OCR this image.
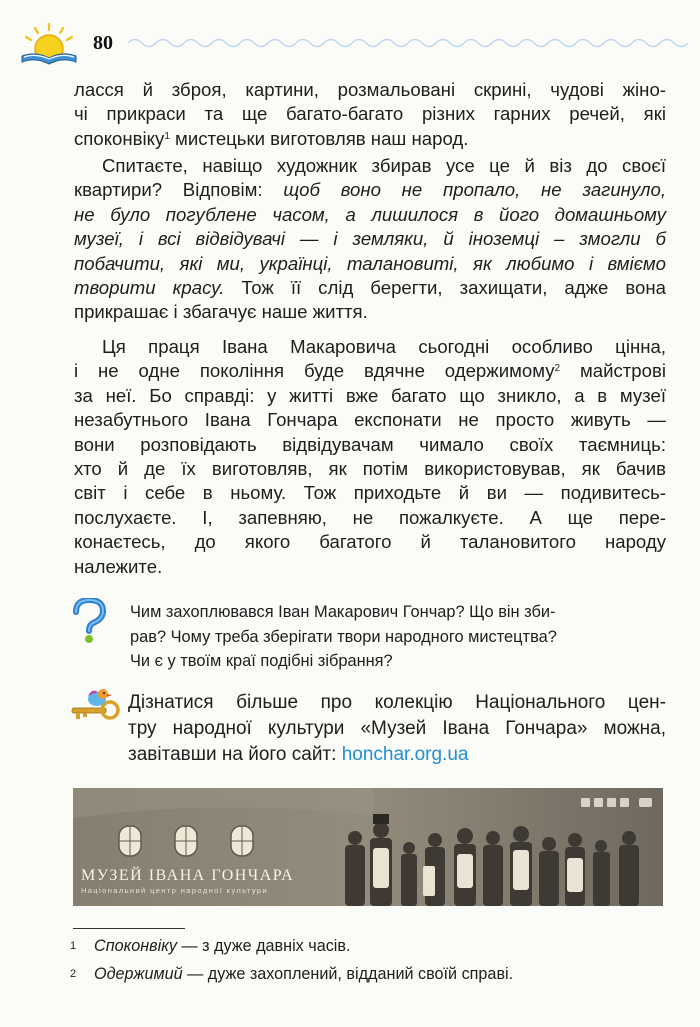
80
ласся й зброя, картини, розмальовані скрині, чудові жіно-
чі прикраси та ще багато-багато різних гарних речей, які
споконвіку$^1$ мистецьки виготовляв наш народ.
Спитаєте, навіщо художник збирав усе це й віз до своєї
квартири? Відповім: щоб воно не пропало, не загинуло,
не було погублене часом, а лишилося в його домашньому
музеї, і всі відвідувачі — і земляки, й іноземці – змогли б
побачити, які ми, українці, талановиті, як любимо і вміємо
творити красу. Тож її слід берегти, захищати, адже вона
прикрашає і збагачує наше життя.
Ця праця Івана Макаровича сьогодні особливо цінна,
і не одне покоління буде вдячне одержимому$^2$ майстрові
за неї. Бо справді: у житті вже багато що зникло, а в музеї
незабутнього Івана Гончара експонати не просто живуть —
вони розповідають відвідувачам чимало своїх таємниць:
хто й де їх виготовляв, як потім використовував, як бачив
світ і себе в ньому. Тож приходьте й ви — подивитесь-
послухаєте. І, запевняю, не пожалкуєте. А ще пере-
конаєтесь, до якого багатого й талановитого народу
належите.
Чим захоплювався Іван Макарович Гончар? Що він зби-
рав? Чому треба зберігати твори народного мистецтва?
Чи є у твоїм краї подібні зібрання?
Дізнатися більше про колекцію Національного цен-
тру народної культури «Музей Івана Гончара» можна,
завітавши на його сайт: honchar.org.ua
МУЗЕЙ ІВАНА ГОНЧАРА
Національний центр народної культури
1 Споконвіку — з дуже давніх часів.
2 Одержимий — дуже захоплений, відданий своїй справі.
